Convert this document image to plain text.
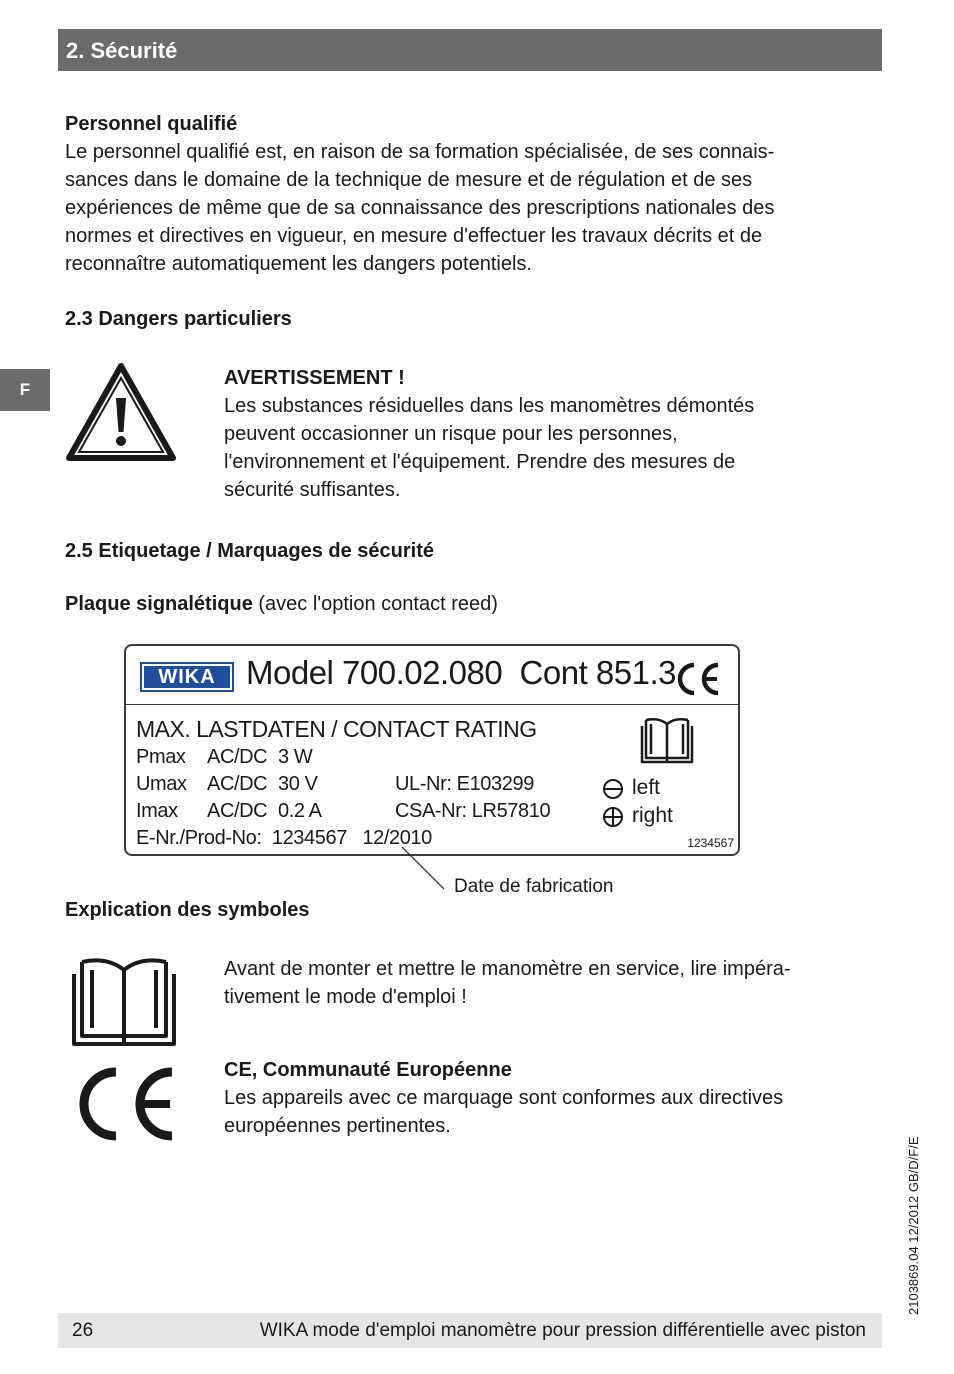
2. Sécurité
F
Personnel qualifié
Le personnel qualifié est, en raison de sa formation spécialisée, de ses connais-
sances dans le domaine de la technique de mesure et de régulation et de ses
expériences de même que de sa connaissance des prescriptions nationales des
normes et directives en vigueur, en mesure d'effectuer les travaux décrits et de
reconnaître automatiquement les dangers potentiels.
2.3 Dangers particuliers
AVERTISSEMENT !
Les substances résiduelles dans les manomètres démontés
peuvent occasionner un risque pour les personnes,
l'environnement et l'équipement. Prendre des mesures de
sécurité suffisantes.
2.5 Etiquetage / Marquages de sécurité
Plaque signalétique (avec l'option contact reed)
WIKA Model 700.02.080  Cont 851.3
MAX. LASTDATEN / CONTACT RATING
Pmax AC/DC 3 W
Umax AC/DC 30 V	UL-Nr: E103299
Imax AC/DC 0.2 A	CSA-Nr: LR57810
E-Nr./Prod-No:  1234567   12/2010
left
right
1234567
Date de fabrication
Explication des symboles
Avant de monter et mettre le manomètre en service, lire impéra-
tivement le mode d'emploi !
CE, Communauté Européenne
Les appareils avec ce marquage sont conformes aux directives
européennes pertinentes.
2103869.04 12/2012 GB/D/F/E
26	WIKA mode d'emploi manomètre pour pression différentielle avec piston
